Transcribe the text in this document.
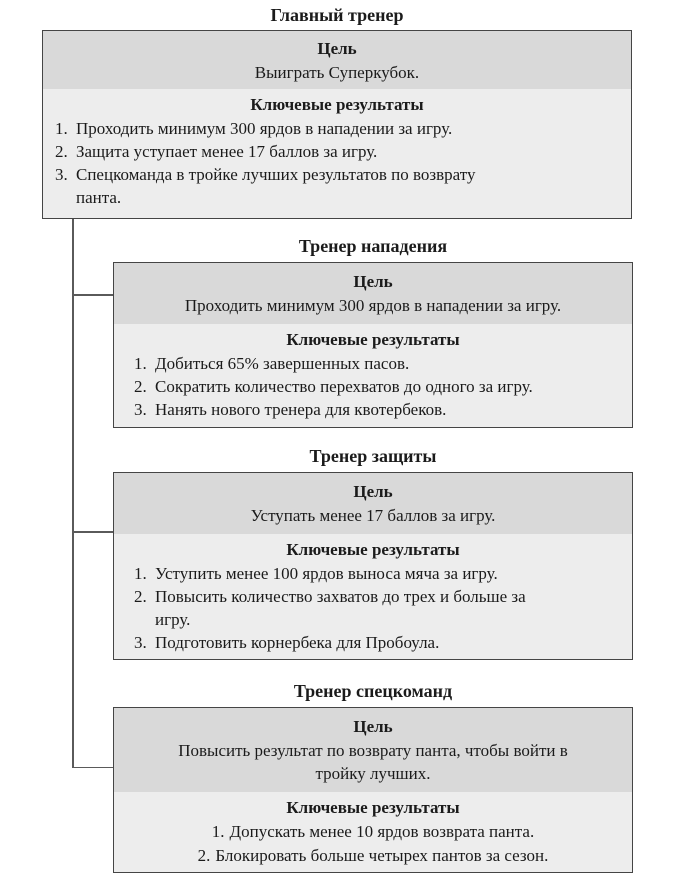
Главный тренер
Цель
Выиграть Суперкубок.
Ключевые результаты
1. Проходить минимум 300 ярдов в нападении за игру.
2. Защита уступает менее 17 баллов за игру.
3. Спецкоманда в тройке лучших результатов по возврату панта.
Тренер нападения
Цель
Проходить минимум 300 ярдов в нападении за игру.
Ключевые результаты
1. Добиться 65% завершенных пасов.
2. Сократить количество перехватов до одного за игру.
3. Нанять нового тренера для квотербеков.
Тренер защиты
Цель
Уступать менее 17 баллов за игру.
Ключевые результаты
1. Уступить менее 100 ярдов выноса мяча за игру.
2. Повысить количество захватов до трех и больше за игру.
3. Подготовить корнербека для Пробоула.
Тренер спецкоманд
Цель
Повысить результат по возврату панта, чтобы войти в тройку лучших.
Ключевые результаты
1. Допускать менее 10 ярдов возврата панта.
2. Блокировать больше четырех пантов за сезон.
